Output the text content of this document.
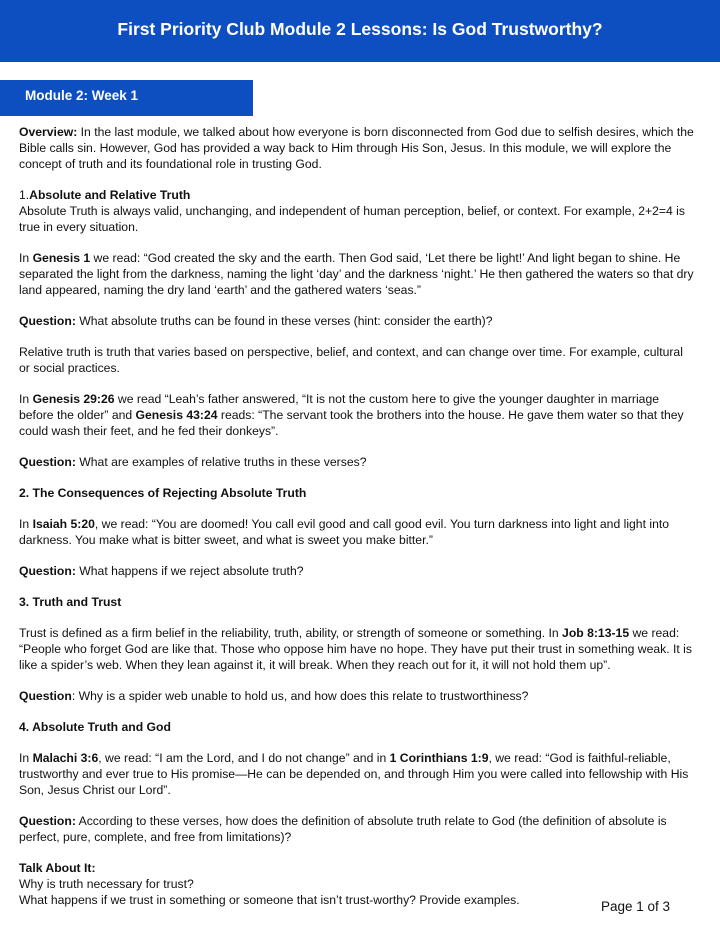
First Priority Club Module 2 Lessons: Is God Trustworthy?
Module 2: Week 1

Overview: In the last module, we talked about how everyone is born disconnected from God due to selfish desires, which the Bible calls sin. However, God has provided a way back to Him through His Son, Jesus. In this module, we will explore the concept of truth and its foundational role in trusting God.

1.Absolute and Relative Truth

Absolute Truth is always valid, unchanging, and independent of human perception, belief, or context. For example, 2+2=4 is true in every situation.

In Genesis 1 we read: “God created the sky and the earth. Then God said, ‘Let there be light!’ And light began to shine. He separated the light from the darkness, naming the light ‘day’ and the darkness ‘night.’ He then gathered the waters so that dry land appeared, naming the dry land ‘earth’ and the gathered waters ‘seas.”

Question: What absolute truths can be found in these verses (hint: consider the earth)?

Relative truth is truth that varies based on perspective, belief, and context, and can change over time. For example, cultural or social practices.

In Genesis 29:26 we read “Leah’s father answered, “It is not the custom here to give the younger daughter in marriage before the older” and Genesis 43:24 reads: “The servant took the brothers into the house. He gave them water so that they could wash their feet, and he fed their donkeys”.

Question: What are examples of relative truths in these verses?

2. The Consequences of Rejecting Absolute Truth

In Isaiah 5:20, we read: “You are doomed! You call evil good and call good evil. You turn darkness into light and light into darkness. You make what is bitter sweet, and what is sweet you make bitter.”

Question: What happens if we reject absolute truth?

3. Truth and Trust

Trust is defined as a firm belief in the reliability, truth, ability, or strength of someone or something. In Job 8:13-15 we read: “People who forget God are like that. Those who oppose him have no hope. They have put their trust in something weak. It is like a spider’s web. When they lean against it, it will break. When they reach out for it, it will not hold them up”.

Question: Why is a spider web unable to hold us, and how does this relate to trustworthiness?

4. Absolute Truth and God

In Malachi 3:6, we read: “I am the Lord, and I do not change” and in 1 Corinthians 1:9, we read: “God is faithful-reliable, trustworthy and ever true to His promise—He can be depended on, and through Him you were called into fellowship with His Son, Jesus Christ our Lord”.

Question: According to these verses, how does the definition of absolute truth relate to God (the definition of absolute is perfect, pure, complete, and free from limitations)?

Talk About It:

Why is truth necessary for trust?

What happens if we trust in something or someone that isn’t trust-worthy? Provide examples.	Page 1 of 3
